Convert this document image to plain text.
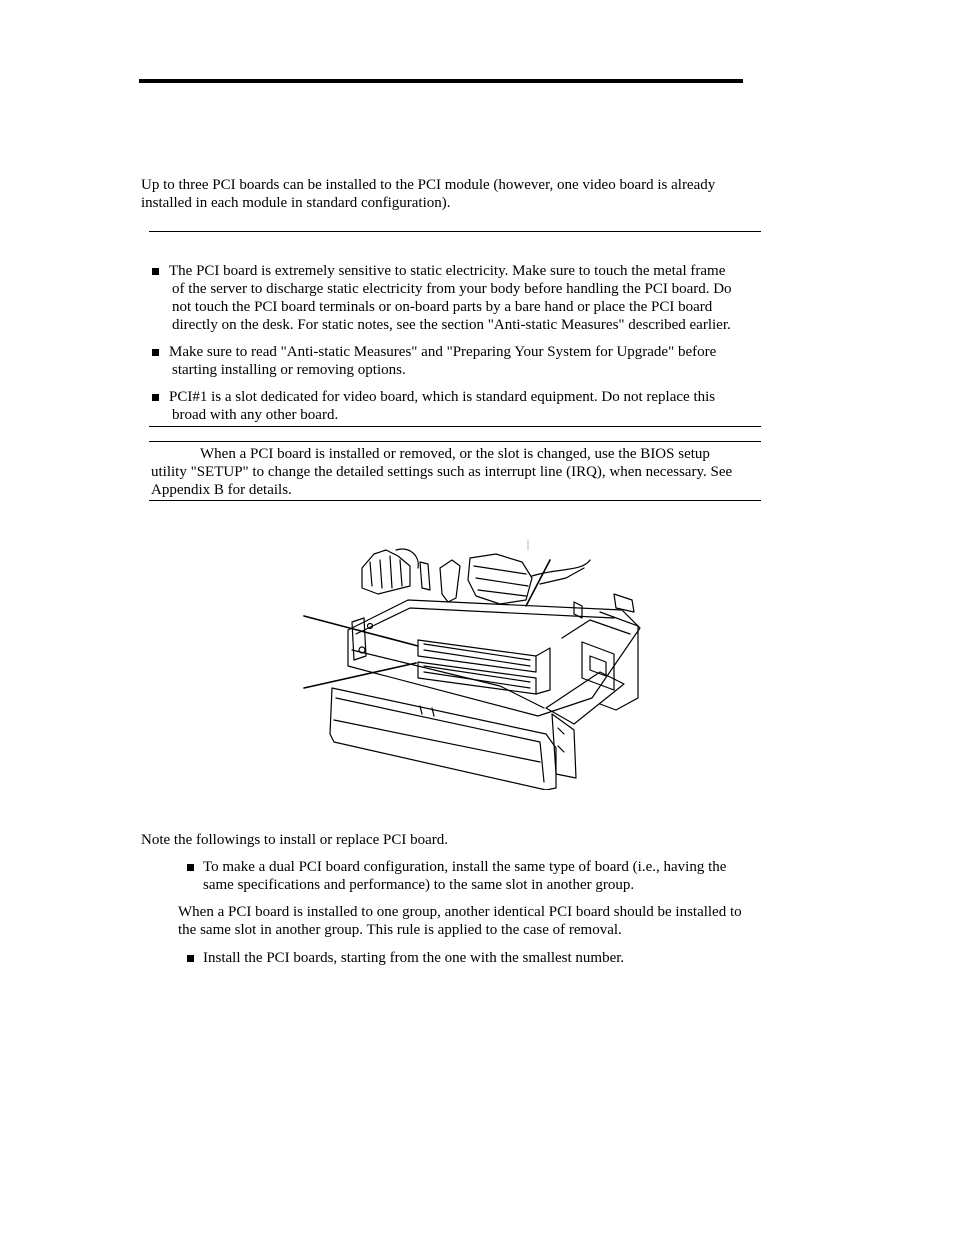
Up to three PCI boards can be installed to the PCI module (however, one video board is already installed in each module in standard configuration).
The PCI board is extremely sensitive to static electricity. Make sure to touch the metal frame
of the server to discharge static electricity from your body before handling the PCI board. Do
not touch the PCI board terminals or on-board parts by a bare hand or place the PCI board
directly on the desk. For static notes, see the section "Anti-static Measures" described earlier.
Make sure to read "Anti-static Measures" and "Preparing Your System for Upgrade" before
starting installing or removing options.
PCI#1 is a slot dedicated for video board, which is standard equipment. Do not replace this
broad with any other board.
When a PCI board is installed or removed, or the slot is changed, use the BIOS setup
utility "SETUP" to change the detailed settings such as interrupt line (IRQ), when necessary. See
Appendix B for details.
Note the followings to install or replace PCI board.
To make a dual PCI board configuration, install the same type of board (i.e., having the
same specifications and performance) to the same slot in another group.
When a PCI board is installed to one group, another identical PCI board should be installed to
the same slot in another group. This rule is applied to the case of removal.
Install the PCI boards, starting from the one with the smallest number.
